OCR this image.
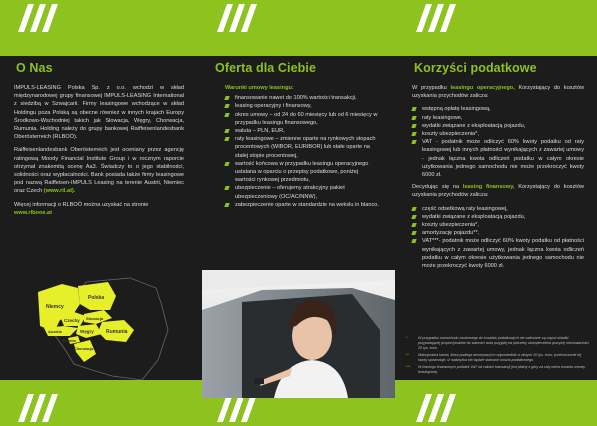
O Nas

IMPULS-LEASING Polska Sp. z o.o. wchodzi w skład międzynarodowej grupy finansowej IMPULS-LEASING International z siedzibą w Szwajcarii. Firmy leasingowe wchodzące w skład Holdingu poza Polską są obecne również w innych krajach Europy Środkowo-Wschodniej takich jak Słowacja, Węgry, Chorwacja, Rumunia. Holding należy do grupy bankowej Raiffeisenlandesbank Oberösterreich (RLBOÖ).

Raiffeisenlandesbank Oberösterreich jest oceniany przez agencję ratingową Moody Financial Institute Group i w rocznym raporcie otrzymał znakomitą ocenę Aa3. Świadczy to o jego stabilności, solidności oraz wypłacalności. Bank posiada także firmy leasingowe pod nazwą Raiffeisen-IMPULS Leasing na terenie Austrii, Niemiec oraz Czech (www.ril.at).

Więcej informacji o RLBOÖ można uzyskać na stronie
www.rlbooe.at

Niemcy
Polska
Czechy Słowacja
Austria	Węgry
Słowenia
Chorwacja
Rumunia
Oferta dla Ciebie

Warunki umowy leasingu:

finansowanie nawet do 100% wartości transakcji,
leasing operacyjny i finansowy,
okres umowy – od 24 do 60 miesięcy lub od 6 miesięcy w przypadku leasingu finansowego,
waluta – PLN, EUR,
raty leasingowe – zmienne oparte na rynkowych stopach procentowych (WIBOR, EURIBOR) lub stałe oparte na stałej stopie procentowej,
wartość końcowa w przypadku leasingu operacyjnego ustalana w oparciu o przepisy podatkowe, poniżej wartości rynkowej przedmiotu,
ubezpieczenie – oferujemy atrakcyjny pakiet ubezpieczeniowy (OC/AC/NNW),
zabezpieczenie oparte w standardzie na wekslu in blanco.
Korzyści podatkowe

W przypadku leasingu operacyjnego, Korzystający do kosztów uzyskania przychodów zalicza:

wstępną opłatę leasingową,
raty leasingowe,
wydatki związane z eksploatacją pojazdu,
koszty ubezpieczenia*,
VAT - podatnik może odliczyć 60% kwoty podatku od raty leasingowej lub innych płatności wynikających z zawartej umowy - jednak łączna kwota odliczeń podatku w całym okresie użytkowania jednego samochodu nie może przekroczyć kwoty 6000 zł.

Decydując się na leasing finansowy, Korzystający do kosztów uzyskania przychodów zalicza:

część odsetkową raty leasingowej,
wydatki związane z eksploatacją pojazdu,
koszty ubezpieczenia*,
amortyzację pojazdu**,
VAT***- podatnik może odliczyć 60% kwoty podatku od płatności wynikających z zawartej umowy, jednak łączna kwota odliczeń podatku w całym okresie użytkowania jednego samochodu nie może przekroczyć kwoty 6000 zł.
*	W przypadku samochodu osobowego do kosztów podatkowych nie zaliczane są części składki przypadającej proporcjonalnie do wartości auta przyjętej na potrzeby ubezpieczenia powyżej równowartości 20 tys. euro.
**	Maksymalna kwota, która podlega amortyzacji to odpowiednik w złotych 20 tys. euro; przekroczenie tej kwoty spowoduje, iż nadwyżka nie będzie stanowić kosztu podatkowego.
*** W leasingu finansowym podatek VAT od całości transakcji jest płatny z góry za cały okres trwania umowy leasingowej.
